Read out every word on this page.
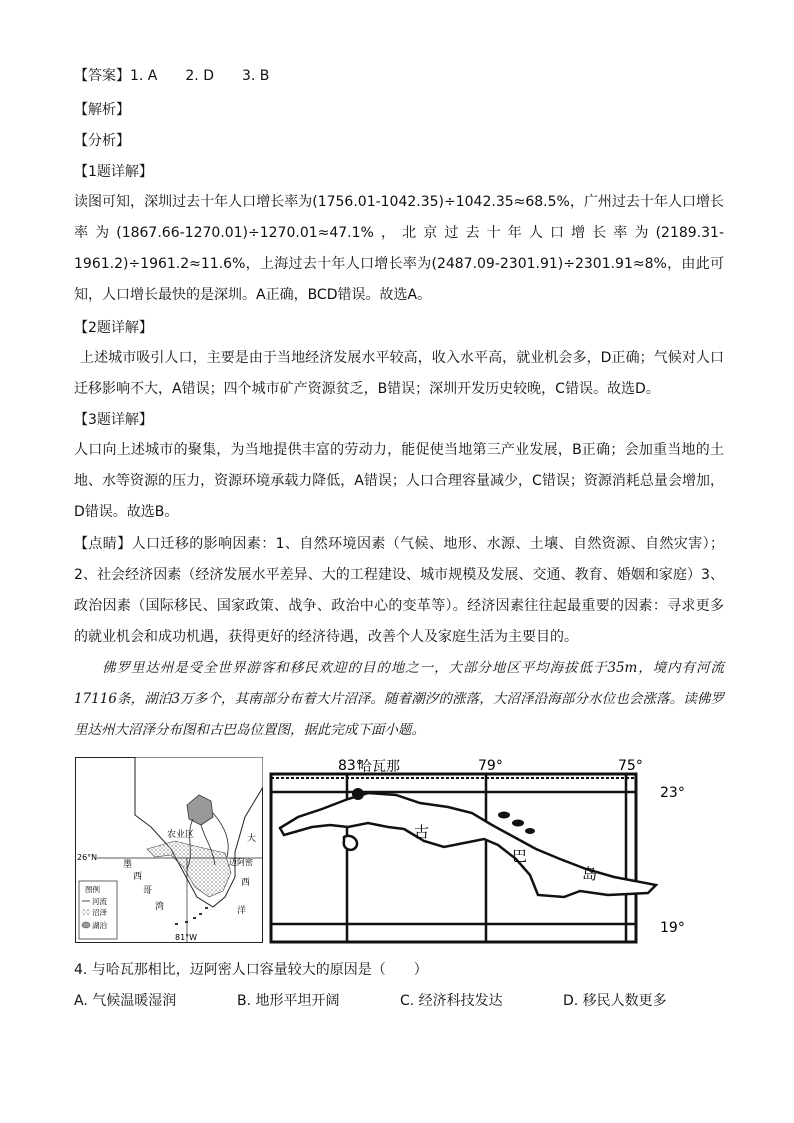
【答案】1. A　　2. D　　3. B
【解析】
【分析】
【1题详解】
读图可知，深圳过去十年人口增长率为(1756.01-1042.35)÷1042.35≈68.5%，广州过去十年人口增长率为(1867.66-1270.01)÷1270.01≈47.1%，北京过去十年人口增长率为(2189.31-1961.2)÷1961.2≈11.6%，上海过去十年人口增长率为(2487.09-2301.91)÷2301.91≈8%，由此可知，人口增长最快的是深圳。A正确，BCD错误。故选A。
【2题详解】
上述城市吸引人口，主要是由于当地经济发展水平较高，收入水平高，就业机会多，D正确；气候对人口迁移影响不大，A错误；四个城市矿产资源贫乏，B错误；深圳开发历史较晚，C错误。故选D。
【3题详解】
人口向上述城市的聚集，为当地提供丰富的劳动力，能促使当地第三产业发展，B正确；会加重当地的土地、水等资源的压力，资源环境承载力降低，A错误；人口合理容量减少，C错误；资源消耗总量会增加，D错误。故选B。
【点睛】人口迁移的影响因素：1、自然环境因素（气候、地形、水源、土壤、自然资源、自然灾害）；2、社会经济因素（经济发展水平差异、大的工程建设、城市规模及发展、交通、教育、婚姻和家庭）3、政治因素（国际移民、国家政策、战争、政治中心的变革等）。经济因素往往起最重要的因素：寻求更多的就业机会和成功机遇，获得更好的经济待遇，改善个人及家庭生活为主要目的。
佛罗里达州是受全世界游客和移民欢迎的目的地之一，大部分地区平均海拔低于35m，境内有河流17116条，湖泊3万多个，其南部分布着大片沼泽。随着潮汐的涨落，大沼泽沿海部分水位也会涨落。读佛罗里达州大沼泽分布图和古巴岛位置图，据此完成下面小题。
农业区
26°N
迈阿密
墨
西
哥
湾
大
西
洋
81°W
图例
河流
沼泽
湖泊
哈瓦那
83°	79°	75°
23°
19°
古
巴
岛
4. 与哈瓦那相比，迈阿密人口容量较大的原因是（　　）
A. 气候温暖湿润	B. 地形平坦开阔	C. 经济科技发达	D. 移民人数更多
